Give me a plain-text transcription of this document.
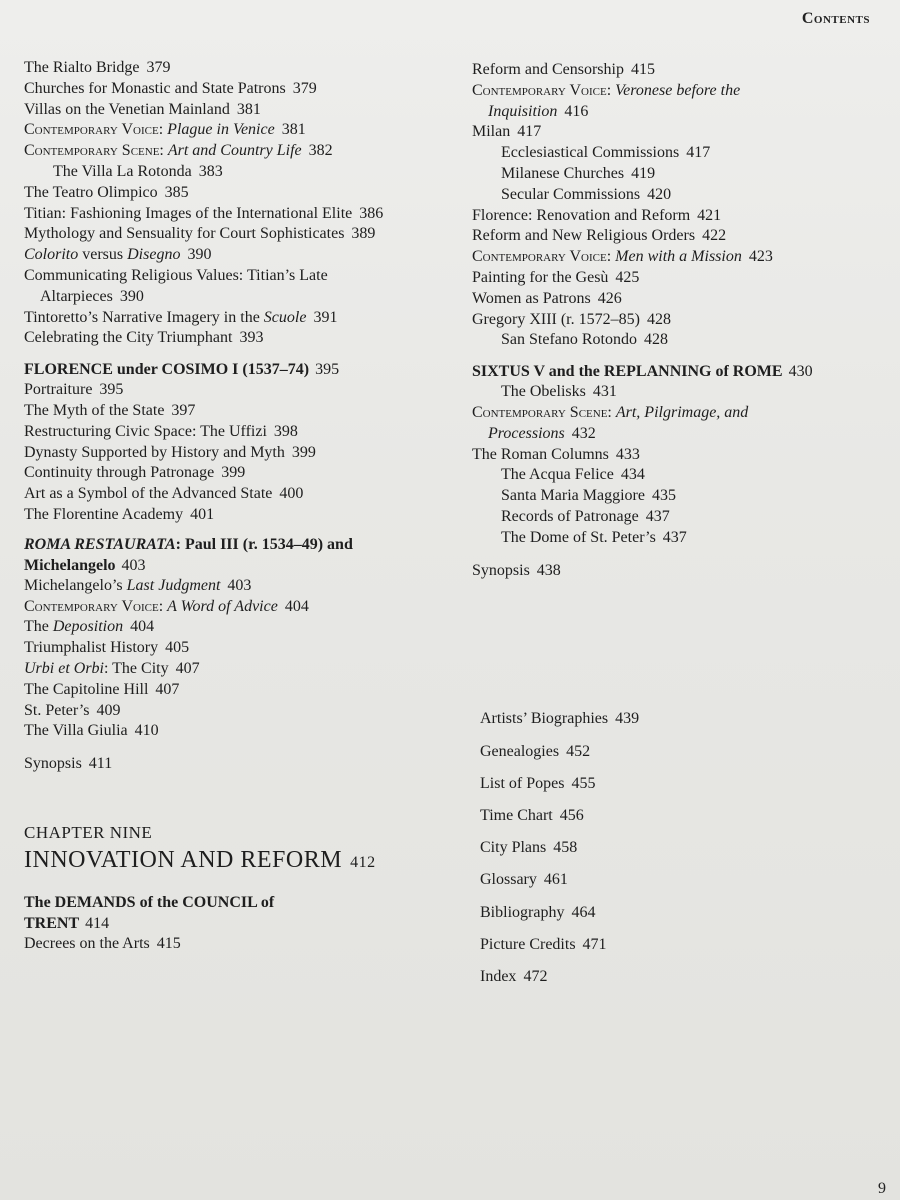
Contents

The Rialto Bridge 379

Churches for Monastic and State Patrons 379

Villas on the Venetian Mainland 381

Contemporary Voice: Plague in Venice 381

Contemporary Scene: Art and Country Life 382

The Villa La Rotonda 383

The Teatro Olimpico 385

Titian: Fashioning Images of the International Elite 386

Mythology and Sensuality for Court Sophisticates 389

Colorito versus Disegno 390

Communicating Religious Values: Titian’s Late

Altarpieces 390

Tintoretto’s Narrative Imagery in the Scuole 391

Celebrating the City Triumphant 393

FLORENCE under COSIMO I (1537–74) 395

Portraiture 395

The Myth of the State 397

Restructuring Civic Space: The Uffizi 398

Dynasty Supported by History and Myth 399

Continuity through Patronage 399

Art as a Symbol of the Advanced State 400

The Florentine Academy 401

ROMA RESTAURATA: Paul III (r. 1534–49) and
Michelangelo 403

Michelangelo’s Last Judgment 403

Contemporary Voice: A Word of Advice 404

The Deposition 404

Triumphalist History 405

Urbi et Orbi: The City 407

The Capitoline Hill 407

St. Peter’s 409

The Villa Giulia 410

Synopsis 411

CHAPTER NINE
INNOVATION AND REFORM 412
The DEMANDS of the COUNCIL of
TRENT 414

Decrees on the Arts 415

Reform and Censorship 415

Contemporary Voice: Veronese before the

Inquisition 416

Milan 417

Ecclesiastical Commissions 417

Milanese Churches 419

Secular Commissions 420

Florence: Renovation and Reform 421

Reform and New Religious Orders 422

Contemporary Voice: Men with a Mission 423

Painting for the Gesù 425

Women as Patrons 426

Gregory XIII (r. 1572–85) 428

San Stefano Rotondo 428

SIXTUS V and the REPLANNING of ROME 430

The Obelisks 431

Contemporary Scene: Art, Pilgrimage, and

Processions 432

The Roman Columns 433

The Acqua Felice 434

Santa Maria Maggiore 435

Records of Patronage 437

The Dome of St. Peter’s 437

Synopsis 438

Artists’ Biographies 439

Genealogies 452

List of Popes 455

Time Chart 456

City Plans 458

Glossary 461

Bibliography 464

Picture Credits 471

Index 472

9
